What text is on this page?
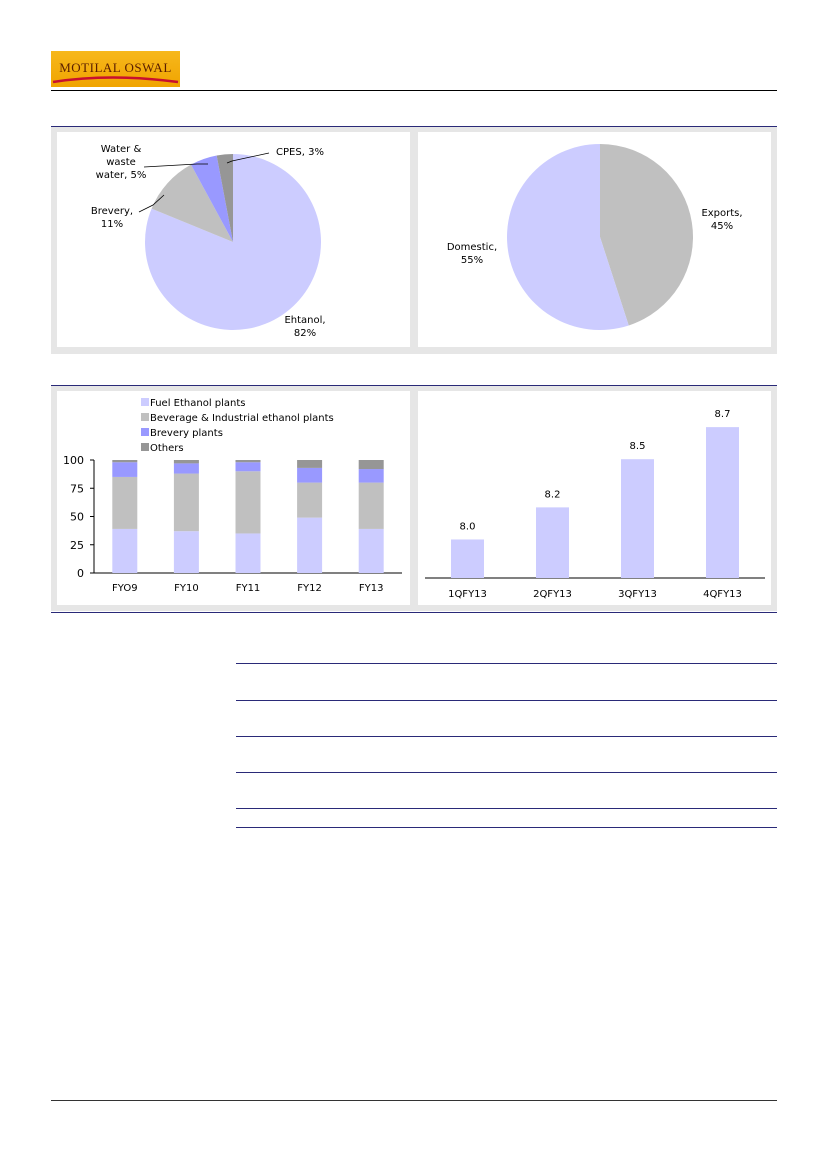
MOTILAL OSWAL
Ehtanol,
82%
Brevery,
11%
Water &
waste
water, 5%
CPES, 3%
Exports,
45%
Domestic,
55%
Fuel Ethanol plants
Beverage & Industrial ethanol plants
Brevery plants
Others
0
25
50
75
100
FYO9	FY10	FY11	FY12	FY13
8.0
1QFY13
8.2
2QFY13
8.5
3QFY13
8.7
4QFY13
